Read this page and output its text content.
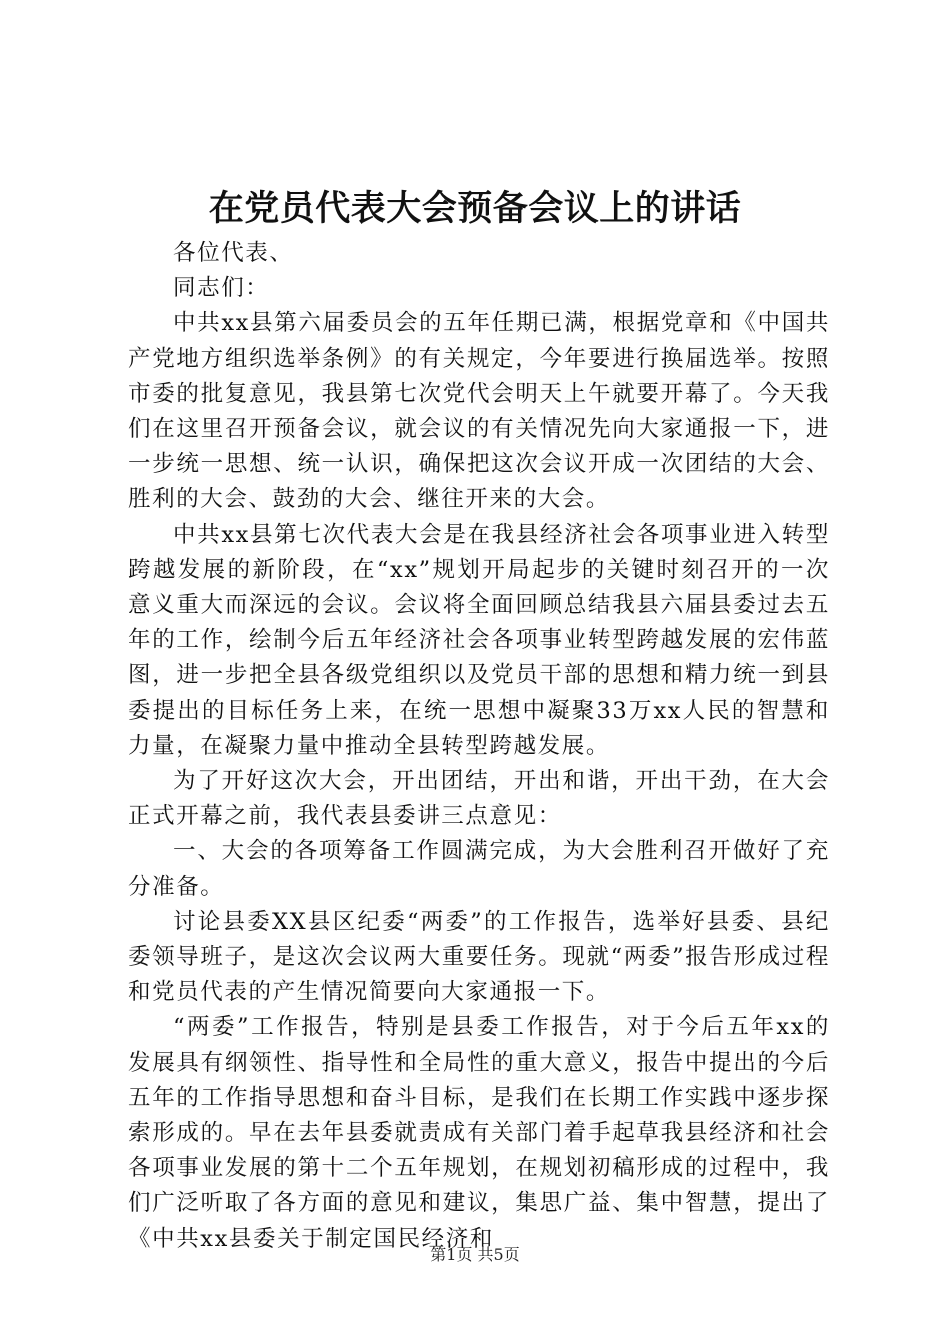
在党员代表大会预备会议上的讲话

各位代表、

同志们：

中共xx县第六届委员会的五年任期已满，根据党章和《中国共产党地方组织选举条例》的有关规定，今年要进行换届选举。按照市委的批复意见，我县第七次党代会明天上午就要开幕了。今天我们在这里召开预备会议，就会议的有关情况先向大家通报一下，进一步统一思想、统一认识，确保把这次会议开成一次团结的大会、胜利的大会、鼓劲的大会、继往开来的大会。

中共xx县第七次代表大会是在我县经济社会各项事业进入转型跨越发展的新阶段，在“xx”规划开局起步的关键时刻召开的一次意义重大而深远的会议。会议将全面回顾总结我县六届县委过去五年的工作，绘制今后五年经济社会各项事业转型跨越发展的宏伟蓝图，进一步把全县各级党组织以及党员干部的思想和精力统一到县委提出的目标任务上来，在统一思想中凝聚33万xx人民的智慧和力量，在凝聚力量中推动全县转型跨越发展。

为了开好这次大会，开出团结，开出和谐，开出干劲，在大会正式开幕之前，我代表县委讲三点意见：

一、大会的各项筹备工作圆满完成，为大会胜利召开做好了充分准备。

讨论县委XX县区纪委“两委”的工作报告，选举好县委、县纪委领导班子，是这次会议两大重要任务。现就“两委”报告形成过程和党员代表的产生情况简要向大家通报一下。

“两委”工作报告，特别是县委工作报告，对于今后五年xx的发展具有纲领性、指导性和全局性的重大意义，报告中提出的今后五年的工作指导思想和奋斗目标，是我们在长期工作实践中逐步探索形成的。早在去年县委就责成有关部门着手起草我县经济和社会各项事业发展的第十二个五年规划，在规划初稿形成的过程中，我们广泛听取了各方面的意见和建议，集思广益、集中智慧，提出了《中共xx县委关于制定国民经济和

第1页 共5页
